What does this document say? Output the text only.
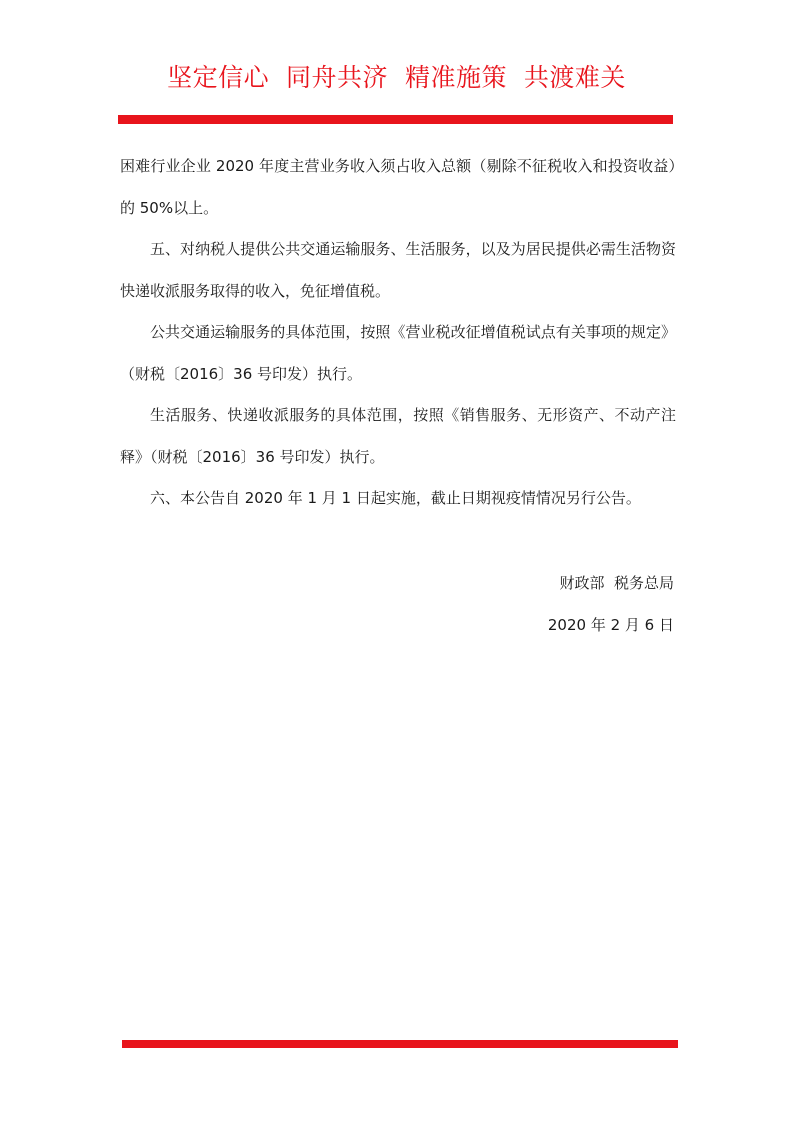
坚定信心  同舟共济  精准施策  共渡难关

困难行业企业 2020 年度主营业务收入须占收入总额（剔除不征税收入和投资收益）的 50%以上。

五、对纳税人提供公共交通运输服务、生活服务，以及为居民提供必需生活物资快递收派服务取得的收入，免征增值税。

公共交通运输服务的具体范围，按照《营业税改征增值税试点有关事项的规定》（财税〔2016〕36 号印发）执行。

生活服务、快递收派服务的具体范围，按照《销售服务、无形资产、不动产注释》（财税〔2016〕36 号印发）执行。

六、本公告自 2020 年 1 月 1 日起实施，截止日期视疫情情况另行公告。

财政部  税务总局
2020 年 2 月 6 日
